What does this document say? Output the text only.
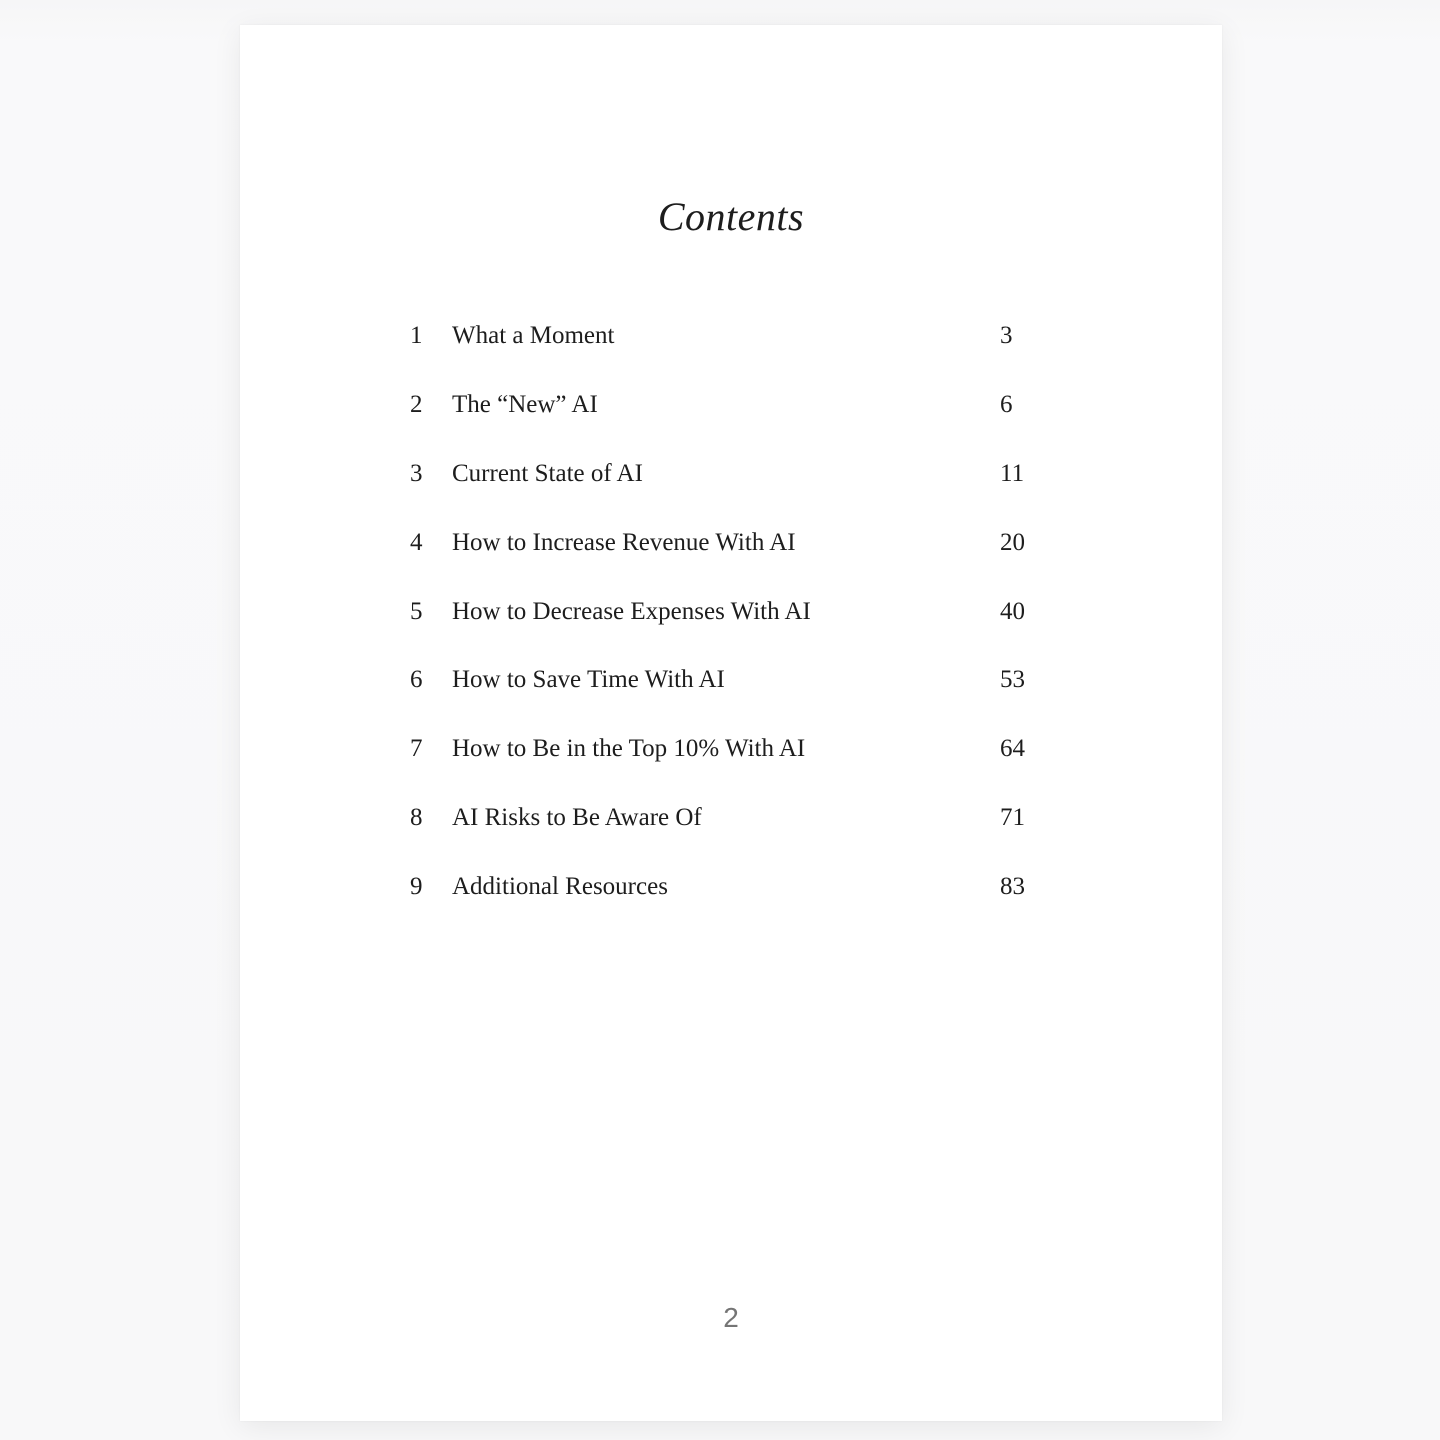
Contents
1	What a Moment	3
2	The “New” AI	6
3	Current State of AI	11
4	How to Increase Revenue With AI	20
5	How to Decrease Expenses With AI	40
6	How to Save Time With AI	53
7	How to Be in the Top 10% With AI	64
8	AI Risks to Be Aware Of	71
9	Additional Resources	83
2
